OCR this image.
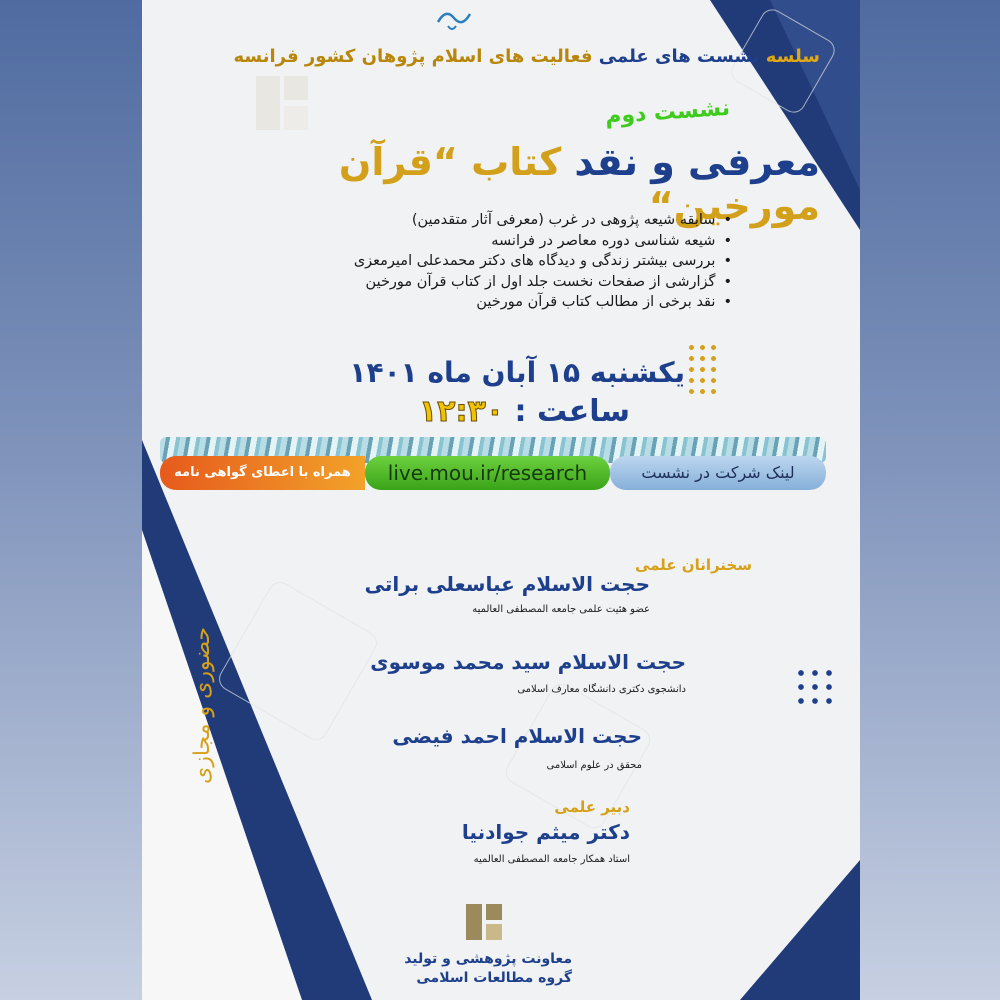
سلسه نشست های علمی فعالیت های اسلام پژوهان کشور فرانسه
نشست دوم
معرفی و نقد کتاب “قرآن مورخین“
• سابقه شیعه پژوهی در غرب (معرفی آثار متقدمین)
• شیعه شناسی دوره معاصر در فرانسه
• بررسی بیشتر زندگی و دیدگاه های دکتر محمدعلی امیرمعزی
• گزارشی از صفحات نخست جلد اول از کتاب قرآن مورخین
• نقد برخی از مطالب کتاب قرآن مورخین
یکشنبه ۱۵ آبان ماه ۱۴۰۱
ساعت : ۱۲:۳۰
همراه با اعطای گواهی نامه	live.mou.ir/research	لینک شرکت در نشست
سخنرانان علمی
حجت الاسلام عباسعلی براتی
عضو هئیت علمی جامعه المصطفی العالمیه
حجت الاسلام سید محمد موسوی
دانشجوی دکتری دانشگاه معارف اسلامی
حجت الاسلام احمد فیضی
محقق در علوم اسلامی
حضوری و مجازی
دبیر علمی
دکتر میثم جوادنیا
استاد همکار جامعه المصطفی العالمیه
معاونت پژوهشی و تولید
گروه مطالعات اسلامی
